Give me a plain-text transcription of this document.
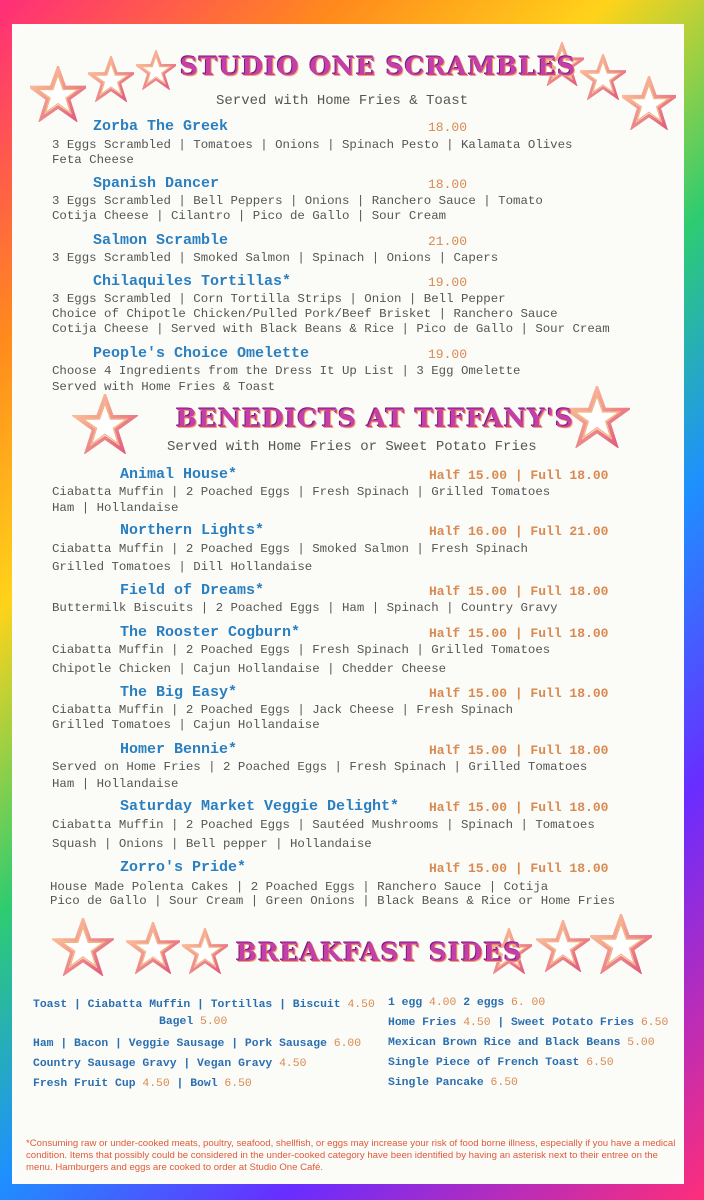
STUDIO ONE SCRAMBLES
Served with Home Fries & Toast
Zorba The Greek	18.00
3 Eggs Scrambled | Tomatoes | Onions | Spinach Pesto | Kalamata Olives
Feta Cheese
Spanish Dancer	18.00
3 Eggs Scrambled | Bell Peppers | Onions | Ranchero Sauce | Tomato
Cotija Cheese | Cilantro | Pico de Gallo | Sour Cream
Salmon Scramble	21.00
3 Eggs Scrambled | Smoked Salmon | Spinach | Onions | Capers
Chilaquiles Tortillas*	19.00
3 Eggs Scrambled | Corn Tortilla Strips | Onion | Bell Pepper
Choice of Chipotle Chicken/Pulled Pork/Beef Brisket | Ranchero Sauce
Cotija Cheese | Served with Black Beans & Rice | Pico de Gallo | Sour Cream
People's Choice Omelette	19.00
Choose 4 Ingredients from the Dress It Up List | 3 Egg Omelette
Served with Home Fries & Toast
BENEDICTS AT TIFFANY'S
Served with Home Fries or Sweet Potato Fries
Animal House*	Half 15.00 | Full 18.00
Ciabatta Muffin | 2 Poached Eggs | Fresh Spinach | Grilled Tomatoes
Ham | Hollandaise
Northern Lights*	Half 16.00 | Full 21.00
Ciabatta Muffin | 2 Poached Eggs | Smoked Salmon | Fresh Spinach
Grilled Tomatoes | Dill Hollandaise
Field of Dreams*	Half 15.00 | Full 18.00
Buttermilk Biscuits | 2 Poached Eggs | Ham | Spinach | Country Gravy
The Rooster Cogburn*	Half 15.00 | Full 18.00
Ciabatta Muffin | 2 Poached Eggs | Fresh Spinach | Grilled Tomatoes
Chipotle Chicken | Cajun Hollandaise | Chedder Cheese
The Big Easy*	Half 15.00 | Full 18.00
Ciabatta Muffin | 2 Poached Eggs | Jack Cheese | Fresh Spinach
Grilled Tomatoes | Cajun Hollandaise
Homer Bennie*	Half 15.00 | Full 18.00
Served on Home Fries | 2 Poached Eggs | Fresh Spinach | Grilled Tomatoes
Ham | Hollandaise
Saturday Market Veggie Delight* Half 15.00 | Full 18.00
Ciabatta Muffin | 2 Poached Eggs | Sautéed Mushrooms | Spinach | Tomatoes
Squash | Onions | Bell pepper | Hollandaise
Zorro's Pride*	Half 15.00 | Full 18.00
House Made Polenta Cakes | 2 Poached Eggs | Ranchero Sauce | Cotija
Pico de Gallo | Sour Cream | Green Onions | Black Beans & Rice or Home Fries
BREAKFAST SIDES
Toast | Ciabatta Muffin | Tortillas | Biscuit 4.50
Bagel 5.00
Ham | Bacon | Veggie Sausage | Pork Sausage 6.00
Country Sausage Gravy | Vegan Gravy 4.50
Fresh Fruit Cup 4.50 | Bowl 6.50
1 egg 4.00 2 eggs 6. 00
Home Fries 4.50 | Sweet Potato Fries 6.50
Mexican Brown Rice and Black Beans 5.00
Single Piece of French Toast 6.50
Single Pancake 6.50
*Consuming raw or under-cooked meats, poultry, seafood, shellfish, or eggs may increase your risk of food borne illness, especially if you have a medical condition. Items that possibly could be considered in the under-cooked category have been identified by having an asterisk next to their entree on the menu. Hamburgers and eggs are cooked to order at Studio One Café.
